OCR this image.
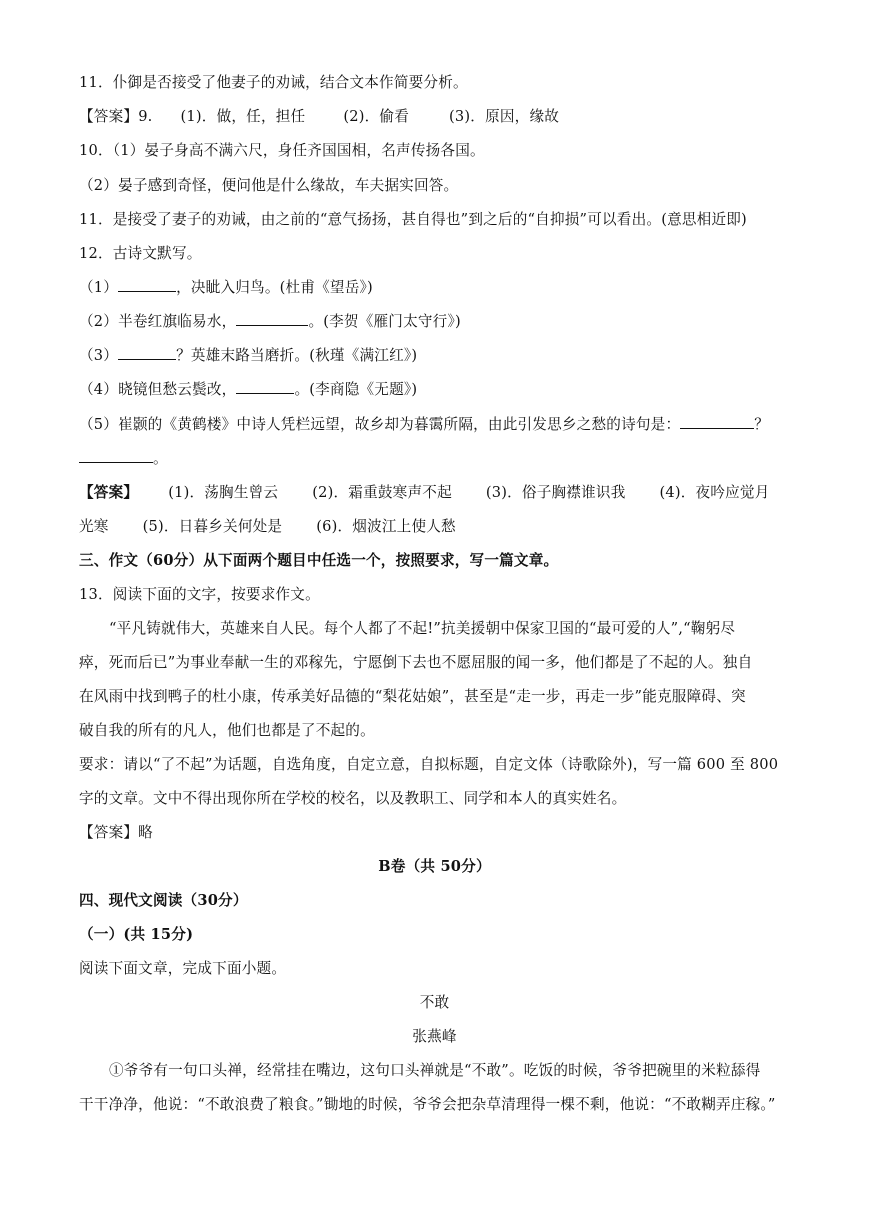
11．仆御是否接受了他妻子的劝诫，结合文本作简要分析。
【答案】9. (1)．做，任，担任	(2)．偷看	(3)．原因，缘故
10．（1）晏子身高不满六尺，身任齐国国相，名声传扬各国。
（2）晏子感到奇怪，便问他是什么缘故，车夫据实回答。
11．是接受了妻子的劝诫，由之前的“意气扬扬，甚自得也”到之后的“自抑损”可以看出。(意思相近即)
12．古诗文默写。
（1）	，决眦入归鸟。(杜甫《望岳》)
（2）半卷红旗临易水，	。(李贺《雁门太守行》)
（3）	？英雄末路当磨折。(秋瑾《满江红》)
（4）晓镜但愁云鬓改，	。(李商隐《无题》)
（5）崔颢的《黄鹤楼》中诗人凭栏远望，故乡却为暮霭所隔，由此引发思乡之愁的诗句是：	？
。
【答案】 (1)．荡胸生曾云 (2)．霜重鼓寒声不起 (3)．俗子胸襟谁识我 (4)．夜吟应觉月
光寒 (5)．日暮乡关何处是 (6)．烟波江上使人愁
三、作文（60分）从下面两个题目中任选一个，按照要求，写一篇文章。
13．阅读下面的文字，按要求作文。
“平凡铸就伟大，英雄来自人民。每个人都了不起!”抗美援朝中保家卫国的“最可爱的人”,“鞠躬尽
瘁，死而后已”为事业奉献一生的邓稼先，宁愿倒下去也不愿屈服的闻一多，他们都是了不起的人。独自
在风雨中找到鸭子的杜小康，传承美好品德的“梨花姑娘”，甚至是“走一步，再走一步”能克服障碍、突
破自我的所有的凡人，他们也都是了不起的。
要求：请以“了不起”为话题，自选角度，自定立意，自拟标题，自定文体（诗歌除外)，写一篇 600 至 800
字的文章。文中不得出现你所在学校的校名，以及教职工、同学和本人的真实姓名。
【答案】略
B卷（共 50分）
四、现代文阅读（30分）
（一）(共 15分)
阅读下面文章，完成下面小题。
不敢
张燕峰
①爷爷有一句口头禅，经常挂在嘴边，这句口头禅就是“不敢”。吃饭的时候，爷爷把碗里的米粒舔得
干干净净，他说：“不敢浪费了粮食。”锄地的时候，爷爷会把杂草清理得一棵不剩，他说：“不敢糊弄庄稼。”
